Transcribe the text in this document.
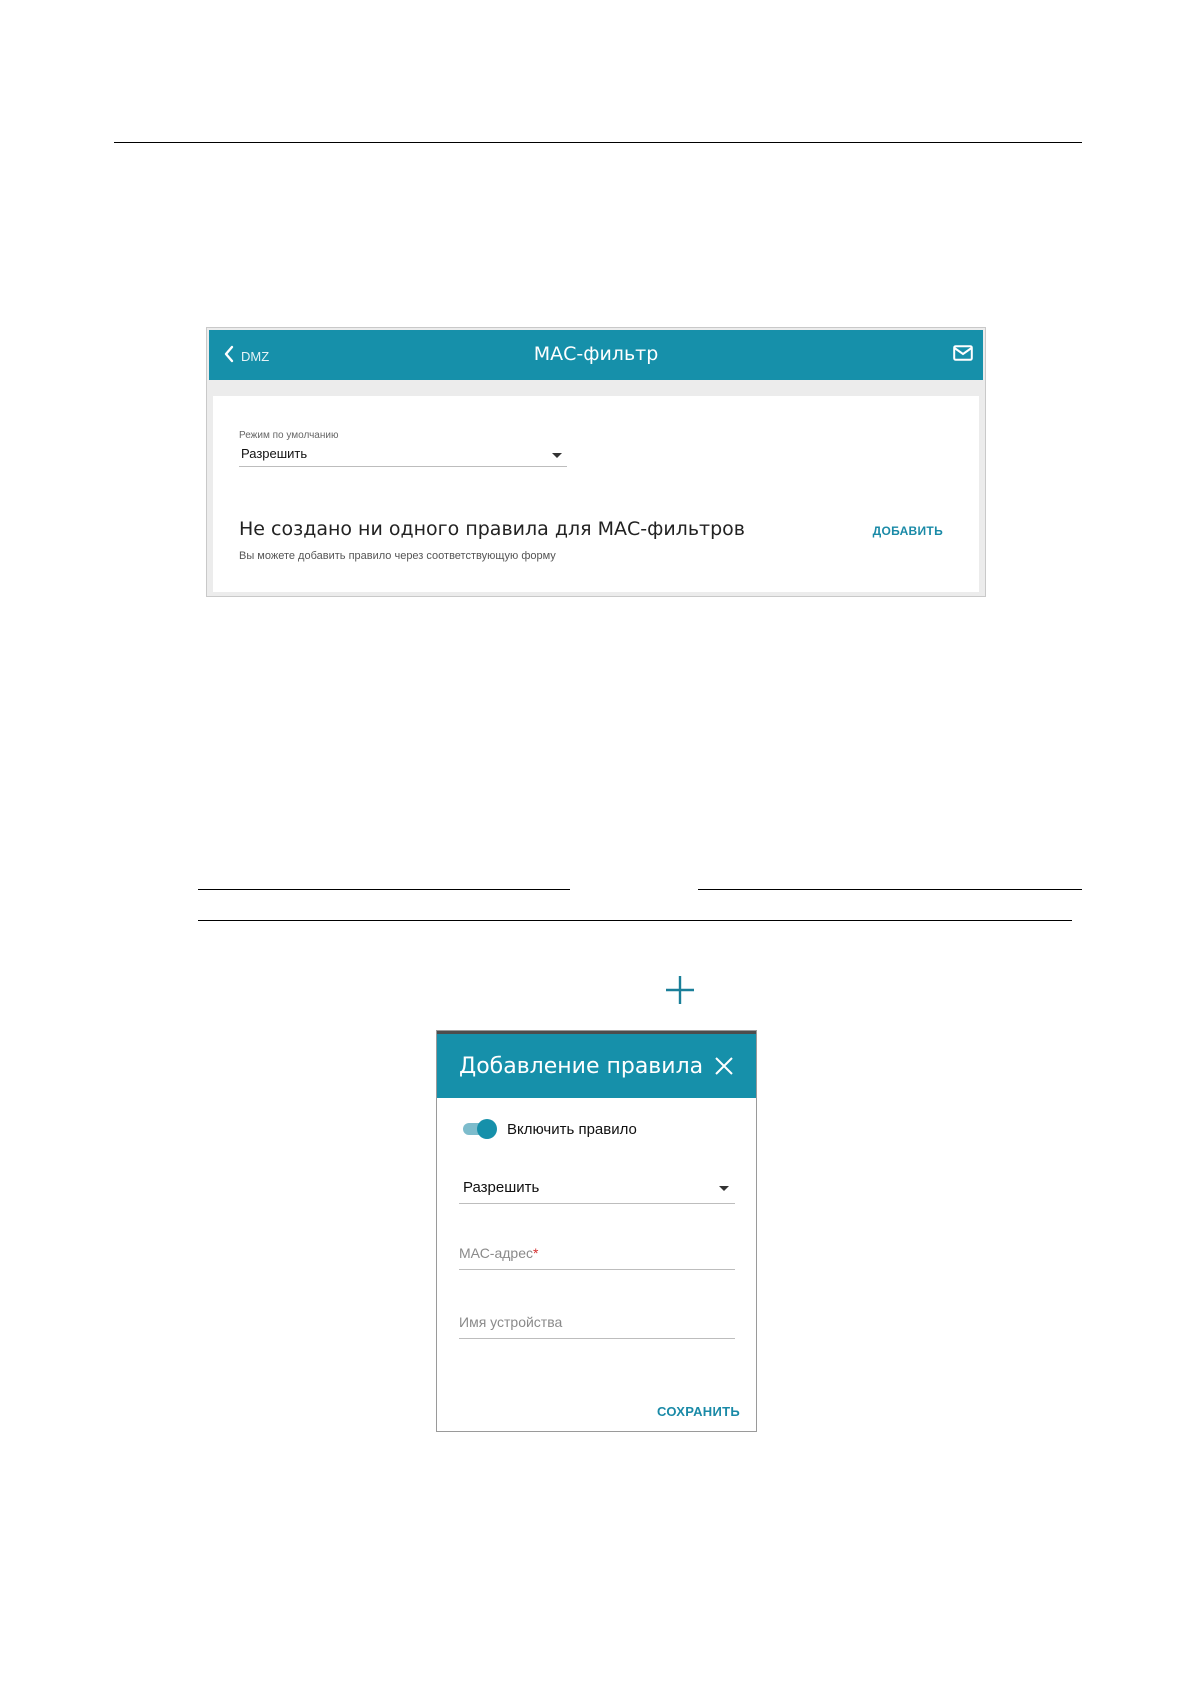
DMZ	МАС-фильтр
Режим по умолчанию
Разрешить
Не создано ни одного правила для МАС-фильтров
Вы можете добавить правило через соответствующую форму
ДОБАВИТЬ
Добавление правила
Включить правило
Разрешить
МАС-адрес*
Имя устройства
СОХРАНИТЬ
